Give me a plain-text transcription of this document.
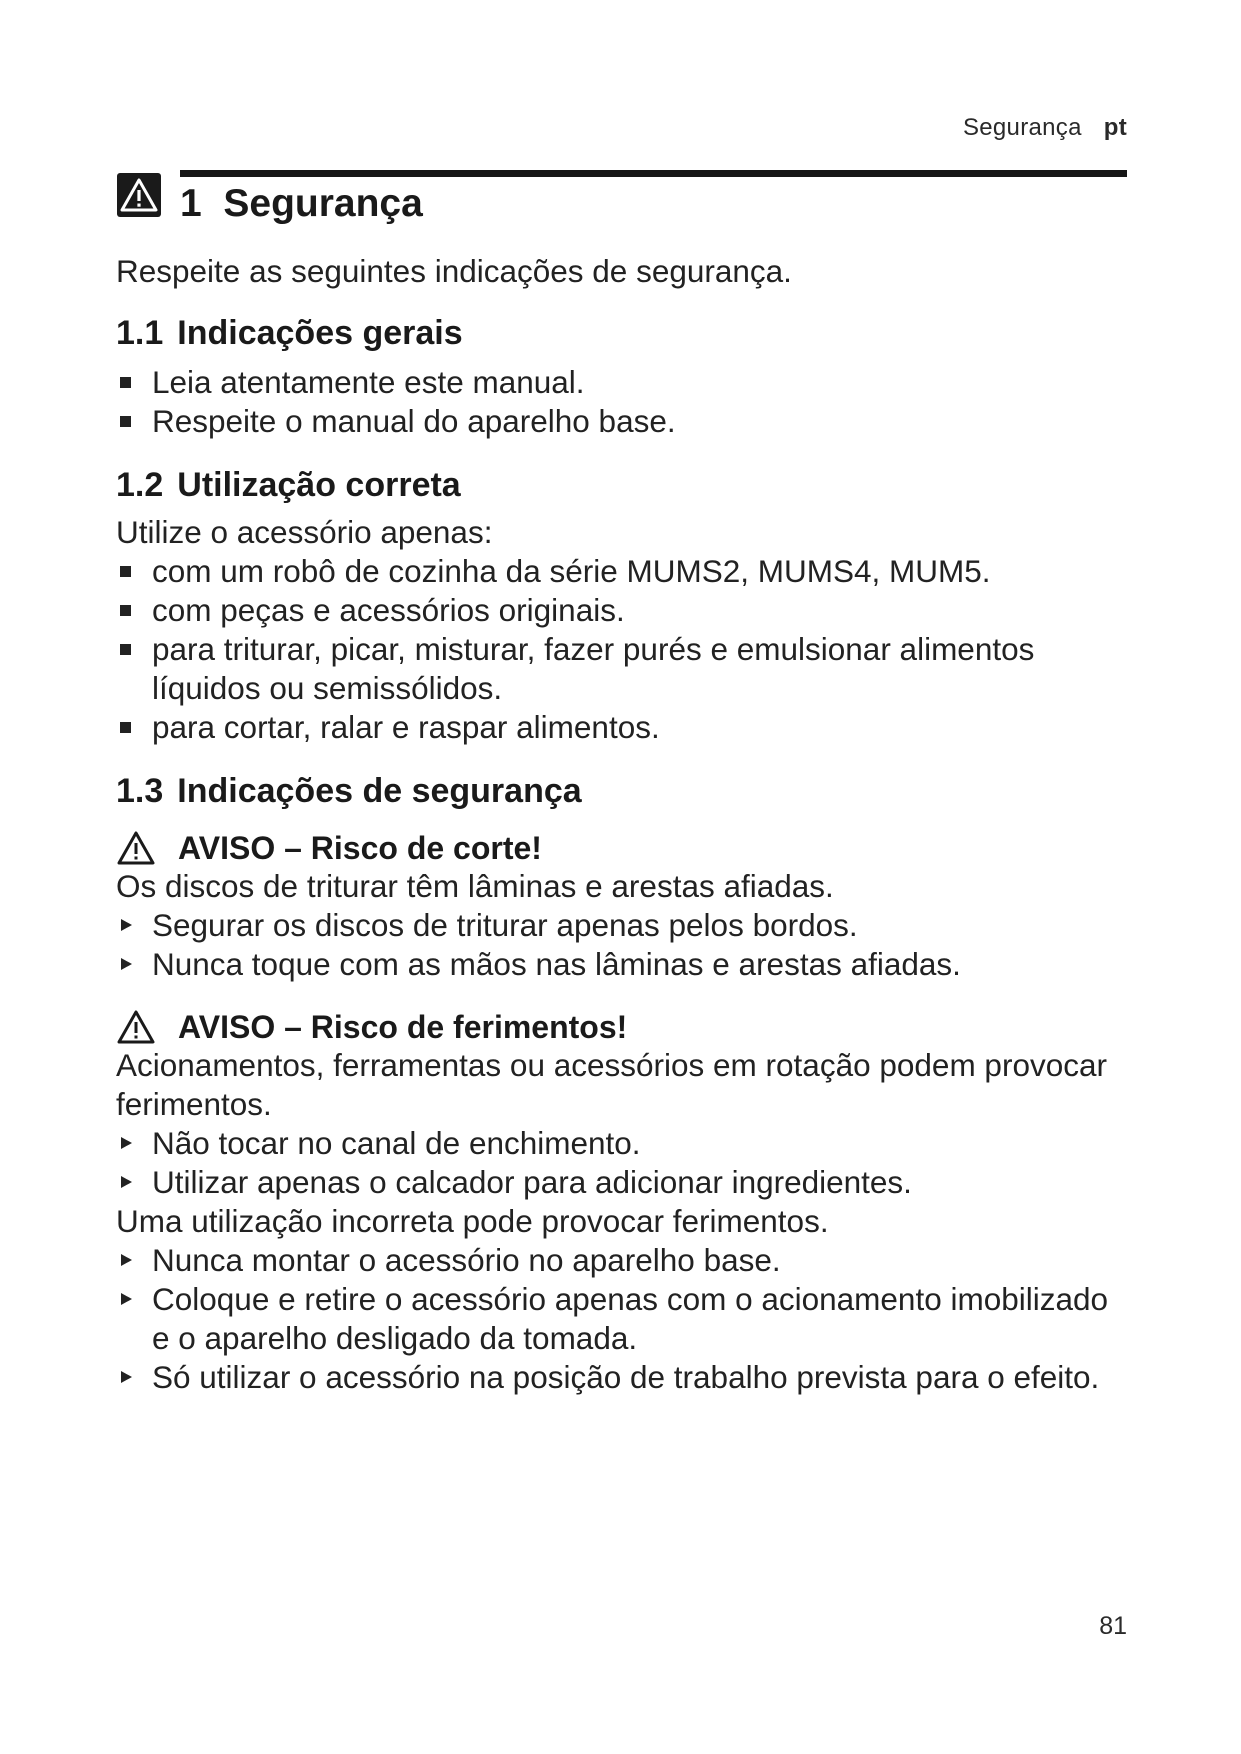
Segurança pt
1 Segurança

Respeite as seguintes indicações de segurança.

1.1 Indicações gerais
Leia atentamente este manual.
Respeite o manual do aparelho base.
1.2 Utilização correta

Utilize o acessório apenas:

com um robô de cozinha da série MUMS2, MUMS4, MUM5.
com peças e acessórios originais.
para triturar, picar, misturar, fazer purés e emulsionar alimentos líquidos ou semissólidos.
para cortar, ralar e raspar alimentos.
1.3 Indicações de segurança
AVISO – Risco de corte!

Os discos de triturar têm lâminas e arestas afiadas.

Segurar os discos de triturar apenas pelos bordos.
Nunca toque com as mãos nas lâminas e arestas afiadas.
AVISO – Risco de ferimentos!

Acionamentos, ferramentas ou acessórios em rotação podem provocar ferimentos.

Não tocar no canal de enchimento.
Utilizar apenas o calcador para adicionar ingredientes.

Uma utilização incorreta pode provocar ferimentos.

Nunca montar o acessório no aparelho base.
Coloque e retire o acessório apenas com o acionamento imobilizado e o aparelho desligado da tomada.
Só utilizar o acessório na posição de trabalho prevista para o efeito.
81
